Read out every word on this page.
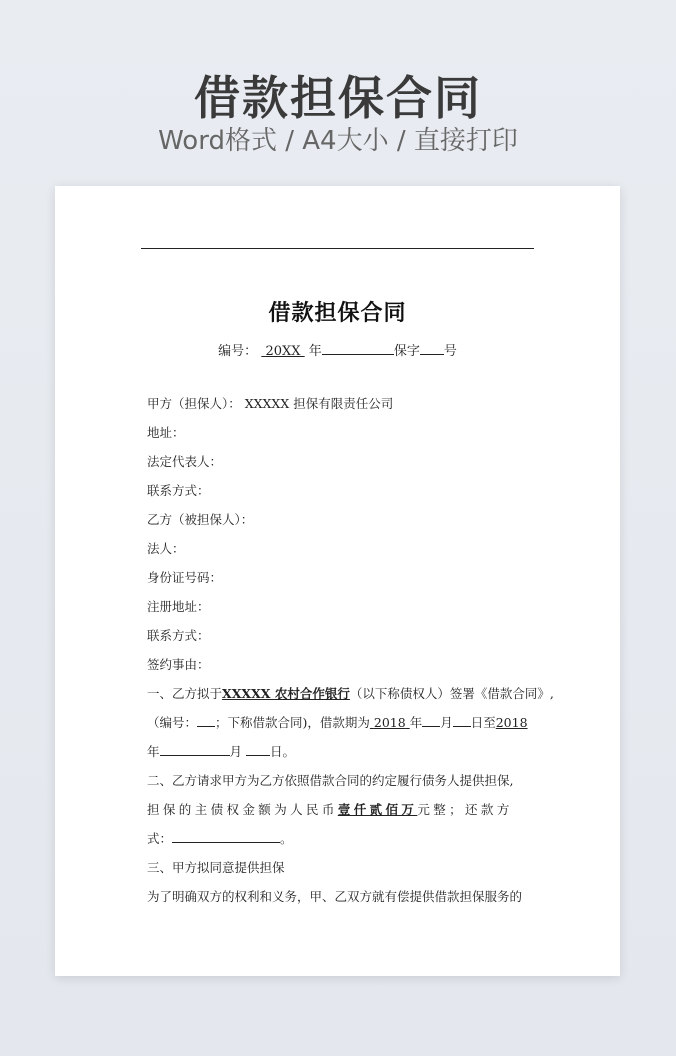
借款担保合同
Word格式 / A4大小 / 直接打印
借款担保合同
编号： 20XX 年	保字 号
甲方（担保人）： XXXXX 担保有限责任公司
地址：
法定代表人：
联系方式：
乙方（被担保人）：
法人：
身份证号码：
注册地址：
联系方式：
签约事由：
一、乙方拟于XXXXX 农村合作银行（以下称债权人）签署《借款合同》,
（编号： ；下称借款合同)，借款期为 2018 年 月 日至2018
年	月 日。
二、乙方请求甲方为乙方依照借款合同的约定履行债务人提供担保,
担保的主债权金额为人民币壹仟贰佰万元整；还款方
式：	。
三、甲方拟同意提供担保
为了明确双方的权利和义务，甲、乙双方就有偿提供借款担保服务的
